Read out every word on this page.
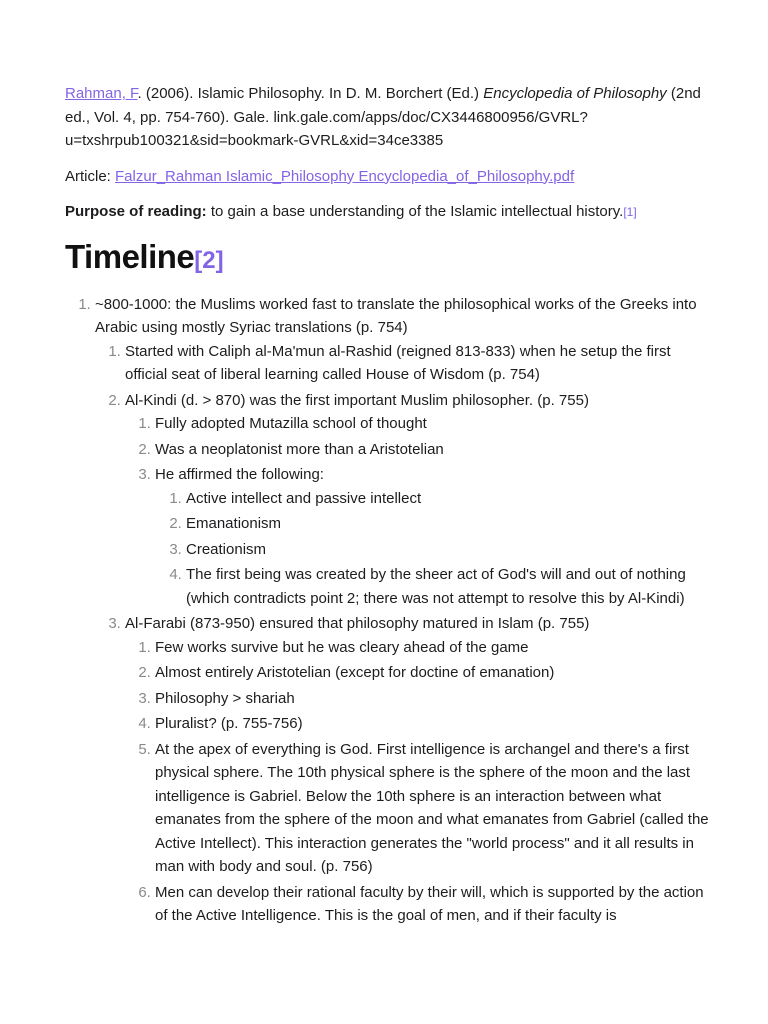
Rahman, F. (2006). Islamic Philosophy. In D. M. Borchert (Ed.) Encyclopedia of Philosophy (2nd ed., Vol. 4, pp. 754-760). Gale. link.gale.com/apps/doc/CX3446800956/GVRL?u=txshrpub100321&sid=bookmark-GVRL&xid=34ce3385

Article: Falzur_Rahman Islamic_Philosophy Encyclopedia_of_Philosophy.pdf

Purpose of reading: to gain a base understanding of the Islamic intellectual history.[1]

Timeline[2]
1. ~800-1000: the Muslims worked fast to translate the philosophical works of the Greeks into Arabic using mostly Syriac translations (p. 754)
1. Started with Caliph al-Ma'mun al-Rashid (reigned 813-833) when he setup the first official seat of liberal learning called House of Wisdom (p. 754)
2. Al-Kindi (d. > 870) was the first important Muslim philosopher. (p. 755)
1. Fully adopted Mutazilla school of thought
2. Was a neoplatonist more than a Aristotelian
3. He affirmed the following:
1. Active intellect and passive intellect
2. Emanationism
3. Creationism
4. The first being was created by the sheer act of God's will and out of nothing (which contradicts point 2; there was not attempt to resolve this by Al-Kindi)
3. Al-Farabi (873-950) ensured that philosophy matured in Islam (p. 755)
1. Few works survive but he was cleary ahead of the game
2. Almost entirely Aristotelian (except for doctine of emanation)
3. Philosophy > shariah
4. Pluralist? (p. 755-756)
5. At the apex of everything is God. First intelligence is archangel and there's a first physical sphere. The 10th physical sphere is the sphere of the moon and the last intelligence is Gabriel. Below the 10th sphere is an interaction between what emanates from the sphere of the moon and what emanates from Gabriel (called the Active Intellect). This interaction generates the "world process" and it all results in man with body and soul. (p. 756)
6. Men can develop their rational faculty by their will, which is supported by the action of the Active Intelligence. This is the goal of men, and if their faculty is
